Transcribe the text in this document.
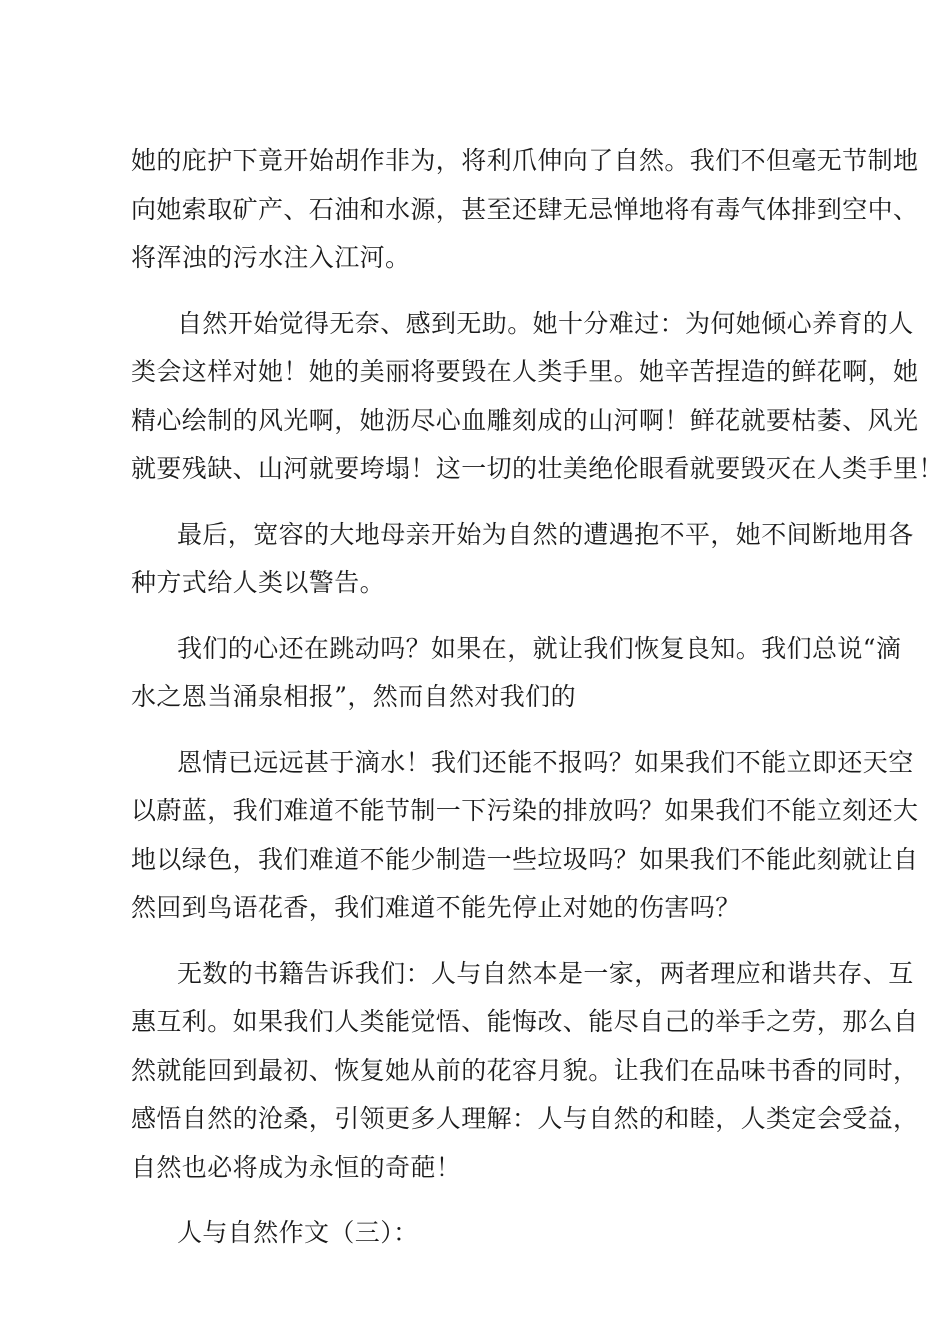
她的庇护下竟开始胡作非为，将利爪伸向了自然。我们不但毫无节制地
向她索取矿产、石油和水源，甚至还肆无忌惮地将有毒气体排到空中、
将浑浊的污水注入江河。
自然开始觉得无奈、感到无助。她十分难过：为何她倾心养育的人
类会这样对她！她的美丽将要毁在人类手里。她辛苦捏造的鲜花啊，她
精心绘制的风光啊，她沥尽心血雕刻成的山河啊！鲜花就要枯萎、风光
就要残缺、山河就要垮塌！这一切的壮美绝伦眼看就要毁灭在人类手里！
最后，宽容的大地母亲开始为自然的遭遇抱不平，她不间断地用各
种方式给人类以警告。
我们的心还在跳动吗？如果在，就让我们恢复良知。我们总说“滴
水之恩当涌泉相报”，然而自然对我们的
恩情已远远甚于滴水！我们还能不报吗？如果我们不能立即还天空
以蔚蓝，我们难道不能节制一下污染的排放吗？如果我们不能立刻还大
地以绿色，我们难道不能少制造一些垃圾吗？如果我们不能此刻就让自
然回到鸟语花香，我们难道不能先停止对她的伤害吗？
无数的书籍告诉我们：人与自然本是一家，两者理应和谐共存、互
惠互利。如果我们人类能觉悟、能悔改、能尽自己的举手之劳，那么自
然就能回到最初、恢复她从前的花容月貌。让我们在品味书香的同时，
感悟自然的沧桑，引领更多人理解：人与自然的和睦，人类定会受益，
自然也必将成为永恒的奇葩！
人与自然作文（三）：
